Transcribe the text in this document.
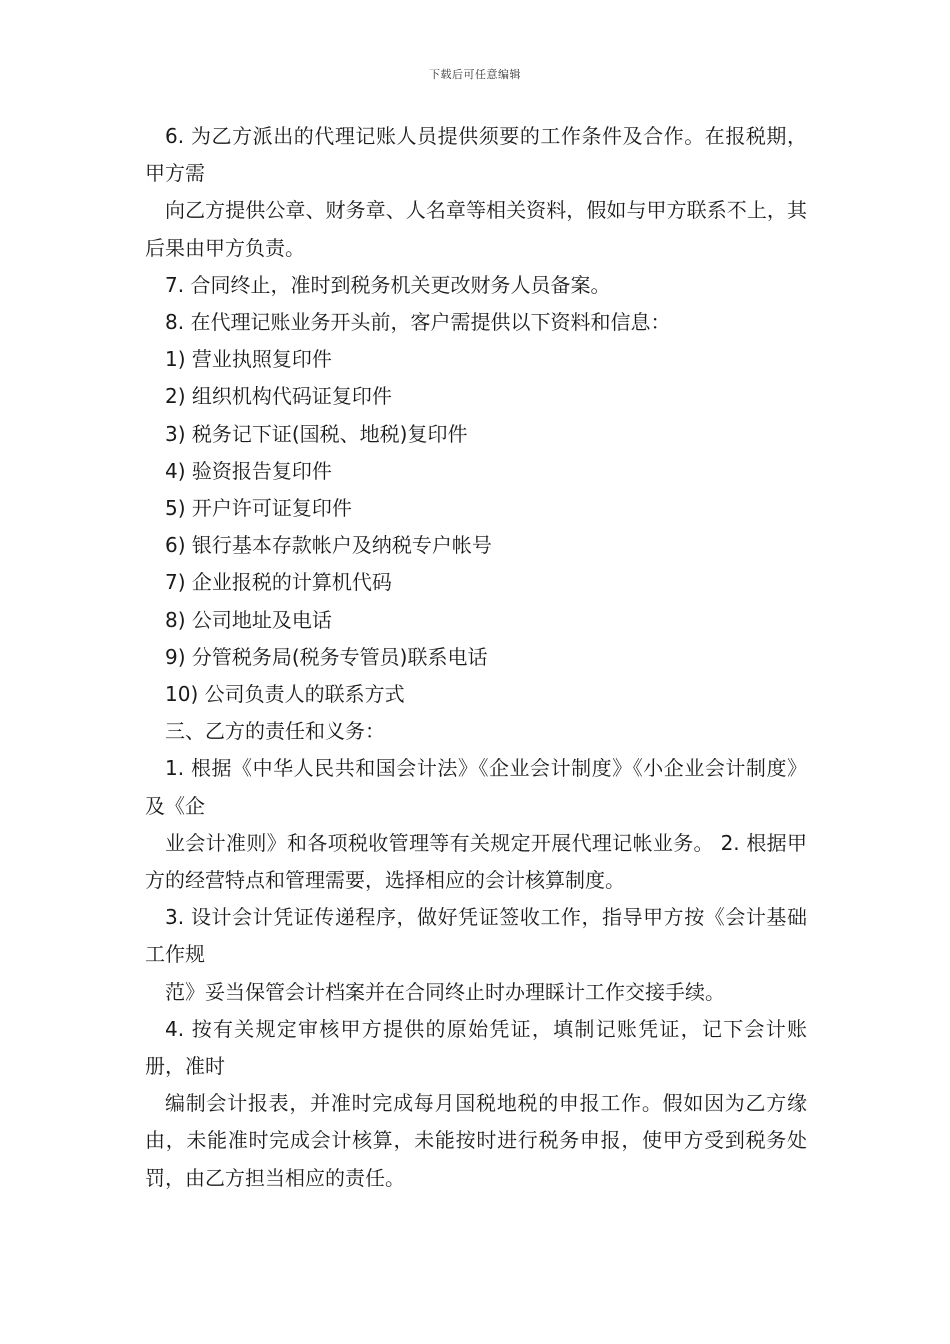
下载后可任意编辑

6. 为乙方派出的代理记账人员提供须要的工作条件及合作。在报税期，甲方需

向乙方提供公章、财务章、人名章等相关资料，假如与甲方联系不上，其后果由甲方负责。

7. 合同终止，准时到税务机关更改财务人员备案。

8. 在代理记账业务开头前，客户需提供以下资料和信息：

1) 营业执照复印件

2) 组织机构代码证复印件

3) 税务记下证(国税、地税)复印件

4) 验资报告复印件

5) 开户许可证复印件

6) 银行基本存款帐户及纳税专户帐号

7) 企业报税的计算机代码

8) 公司地址及电话

9) 分管税务局(税务专管员)联系电话

10) 公司负责人的联系方式

三、乙方的责任和义务：

1. 根据《中华人民共和国会计法》《企业会计制度》《小企业会计制度》及《企

业会计准则》和各项税收管理等有关规定开展代理记帐业务。 2. 根据甲方的经营特点和管理需要，选择相应的会计核算制度。

3. 设计会计凭证传递程序，做好凭证签收工作，指导甲方按《会计基础工作规

范》妥当保管会计档案并在合同终止时办理睬计工作交接手续。

4. 按有关规定审核甲方提供的原始凭证，填制记账凭证，记下会计账册，准时

编制会计报表，并准时完成每月国税地税的申报工作。假如因为乙方缘由，未能准时完成会计核算，未能按时进行税务申报，使甲方受到税务处罚，由乙方担当相应的责任。
